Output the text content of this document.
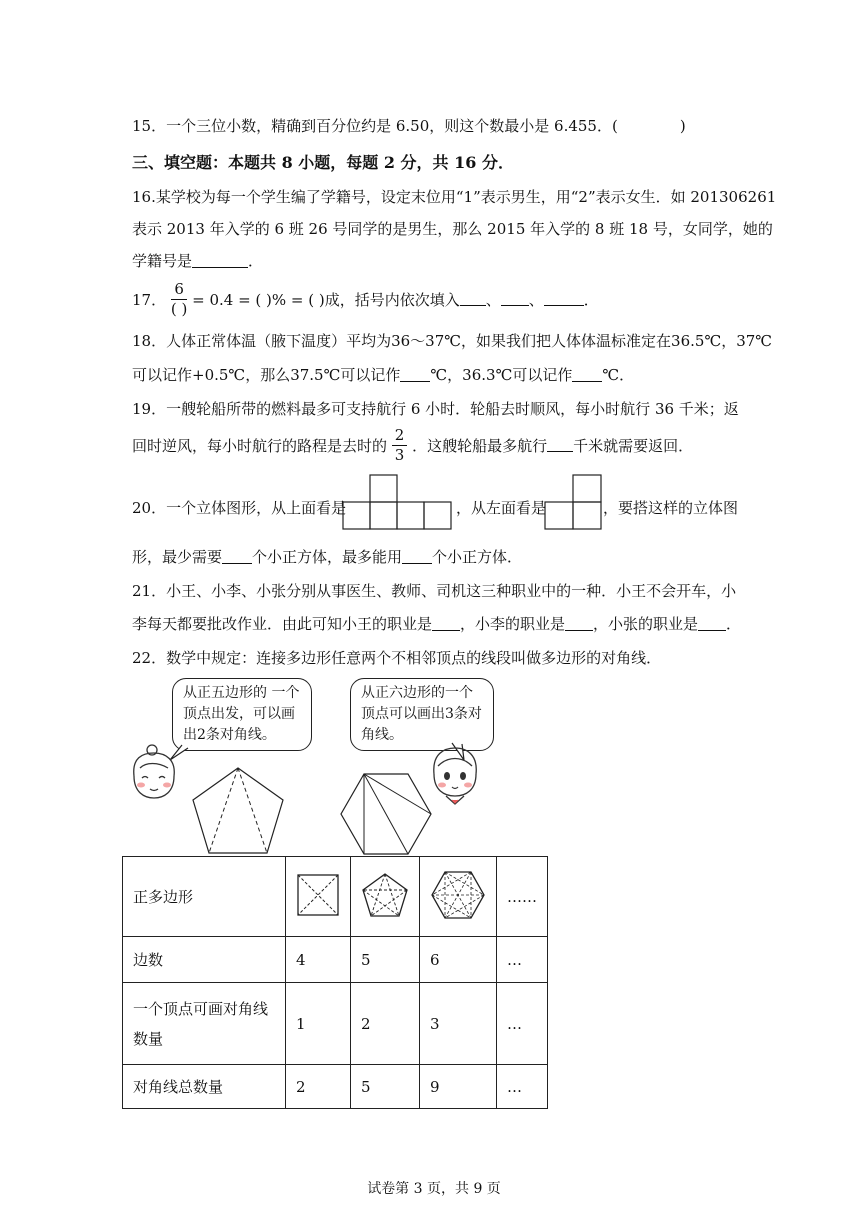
15．一个三位小数，精确到百分位约是 6.50，则这个数最小是 6.455．(	)
三、填空题：本题共 8 小题，每题 2 分，共 16 分．
16.某学校为每一个学生编了学籍号，设定末位用“1”表示男生，用“2”表示女生．如 201306261
表示 2013 年入学的 6 班 26 号同学的是男生，那么 2015 年入学的 8 班 18 号，女同学，她的
学籍号是	．
17． $\frac{6}{( )} = 0.4$ = ( )% = ( )成，括号内依次填入 、 、	．
18．人体正常体温（腋下温度）平均为36～37℃，如果我们把人体体温标准定在36.5℃，37℃
可以记作+0.5℃，那么37.5℃可以记作 ℃，36.3℃可以记作 ℃．
19．一艘轮船所带的燃料最多可支持航行 6 小时．轮船去时顺风，每小时航行 36 千米；返
回时逆风，每小时航行的路程是去时的 $\frac{2}{3}$ ．这艘轮船最多航行 千米就需要返回．
20．一个立体图形，从上面看是	，从左面看是	，要搭这样的立体图
形，最少需要 个小正方体，最多能用 个小正方体．
21．小王、小李、小张分别从事医生、教师、司机这三种职业中的一种．小王不会开车，小
李每天都要批改作业．由此可知小王的职业是 ，小李的职业是 ，小张的职业是 ．
22．数学中规定：连接多边形任意两个不相邻顶点的线段叫做多边形的对角线．
从正五边形的 一个顶点出发，可以画出2条对角线。
从正六边形的一个顶点可以画出3条对角线。
正多边形				……
边数	4	5	6	…
一个顶点可画对角线数量	1	2	3	…
对角线总数量	2	5	9	…
试卷第 3 页，共 9 页
